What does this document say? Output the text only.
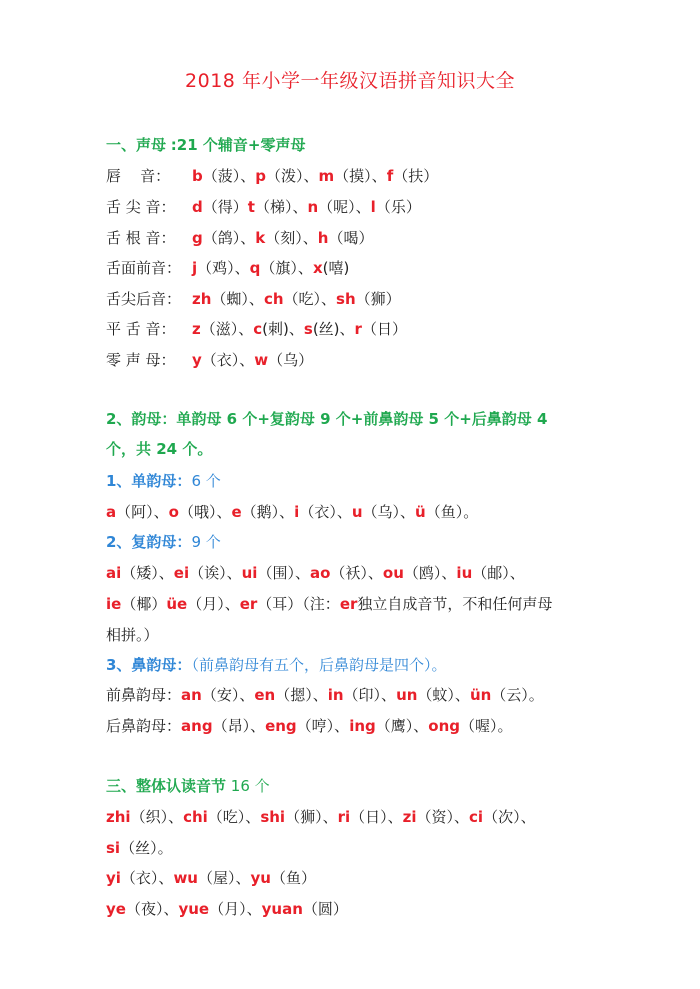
2018 年小学一年级汉语拼音知识大全
一、声母 :21 个辅音+零声母
唇    音： b（菠）、p（泼）、m（摸）、f（扶）
舌 尖 音： d（得）t（梯）、n（呢）、l（乐）
舌 根 音： g（鸽）、k（刻）、h（喝）
舌面前音： j（鸡）、q（旗）、x(嘻)
舌尖后音： zh（蜘）、ch（吃）、sh（狮）
平 舌 音： z（滋）、c(刺)、s(丝)、r（日）
零 声 母： y（衣）、w（乌）
2、韵母：单韵母 6 个+复韵母 9 个+前鼻韵母 5 个+后鼻韵母 4
个，共 24 个。
1、单韵母：6 个
a（阿）、o（哦）、e（鹅）、i（衣）、u（乌）、ü（鱼）。
2、复韵母：9 个
ai（矮）、ei（诶）、ui（围）、ao（袄）、ou（鸥）、iu（邮）、
ie（椰）üe（月）、er（耳）（注：er独立自成音节，不和任何声母
相拼。）
3、鼻韵母：（前鼻韵母有五个，后鼻韵母是四个）。
前鼻韵母：an（安）、en（摁）、in（印）、un（蚊）、ün（云）。
后鼻韵母：ang（昂）、eng（哼）、ing（鹰）、ong（喔）。
三、整体认读音节 16 个
zhi（织）、chi（吃）、shi（狮）、ri（日）、zi（资）、ci（次）、
si（丝）。
yi（衣）、wu（屋）、yu（鱼）
ye（夜）、yue（月）、yuan（圆）
